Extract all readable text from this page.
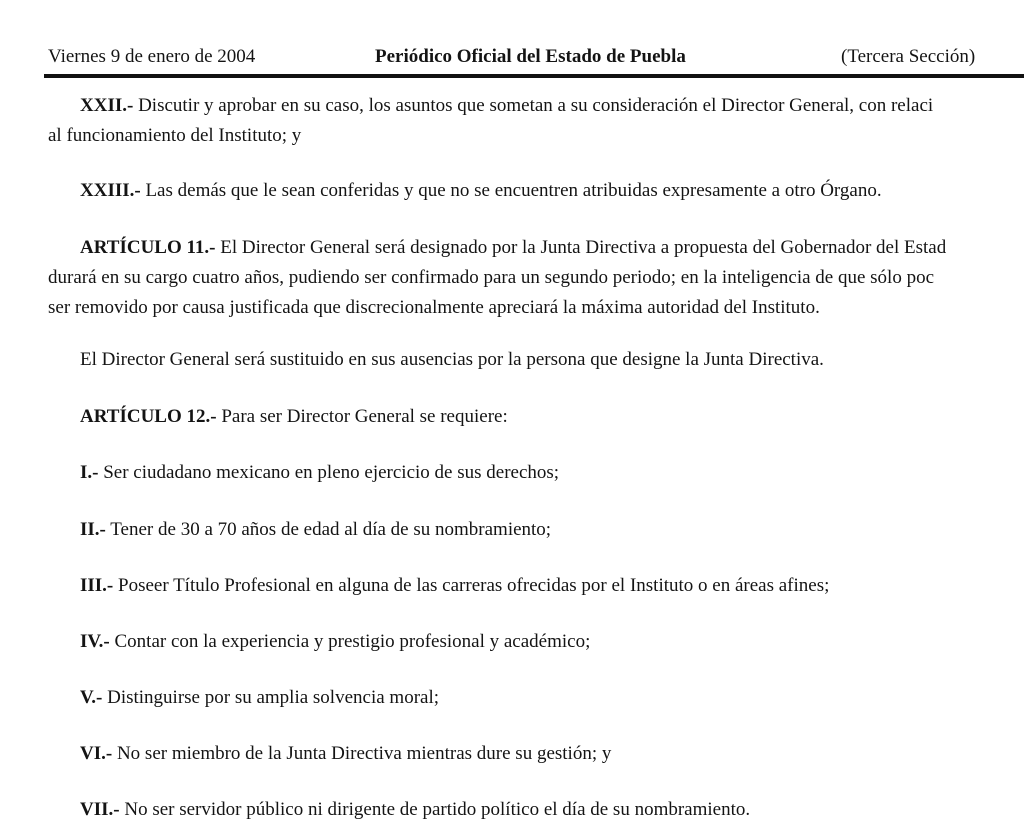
Viernes 9 de enero de 2004	Periódico Oficial del Estado de Puebla	(Tercera Sección)
XXII.- Discutir y aprobar en su caso, los asuntos que sometan a su consideración el Director General, con relaci
al funcionamiento del Instituto; y
XXIII.- Las demás que le sean conferidas y que no se encuentren atribuidas expresamente a otro Órgano.
ARTÍCULO 11.- El Director General será designado por la Junta Directiva a propuesta del Gobernador del Estad
durará en su cargo cuatro años, pudiendo ser confirmado para un segundo periodo; en la inteligencia de que sólo poc
ser removido por causa justificada que discrecionalmente apreciará la máxima autoridad del Instituto.
El Director General será sustituido en sus ausencias por la persona que designe la Junta Directiva.
ARTÍCULO 12.- Para ser Director General se requiere:
I.- Ser ciudadano mexicano en pleno ejercicio de sus derechos;
II.- Tener de 30 a 70 años de edad al día de su nombramiento;
III.- Poseer Título Profesional en alguna de las carreras ofrecidas por el Instituto o en áreas afines;
IV.- Contar con la experiencia y prestigio profesional y académico;
V.- Distinguirse por su amplia solvencia moral;
VI.- No ser miembro de la Junta Directiva mientras dure su gestión; y
VII.- No ser servidor público ni dirigente de partido político el día de su nombramiento.
